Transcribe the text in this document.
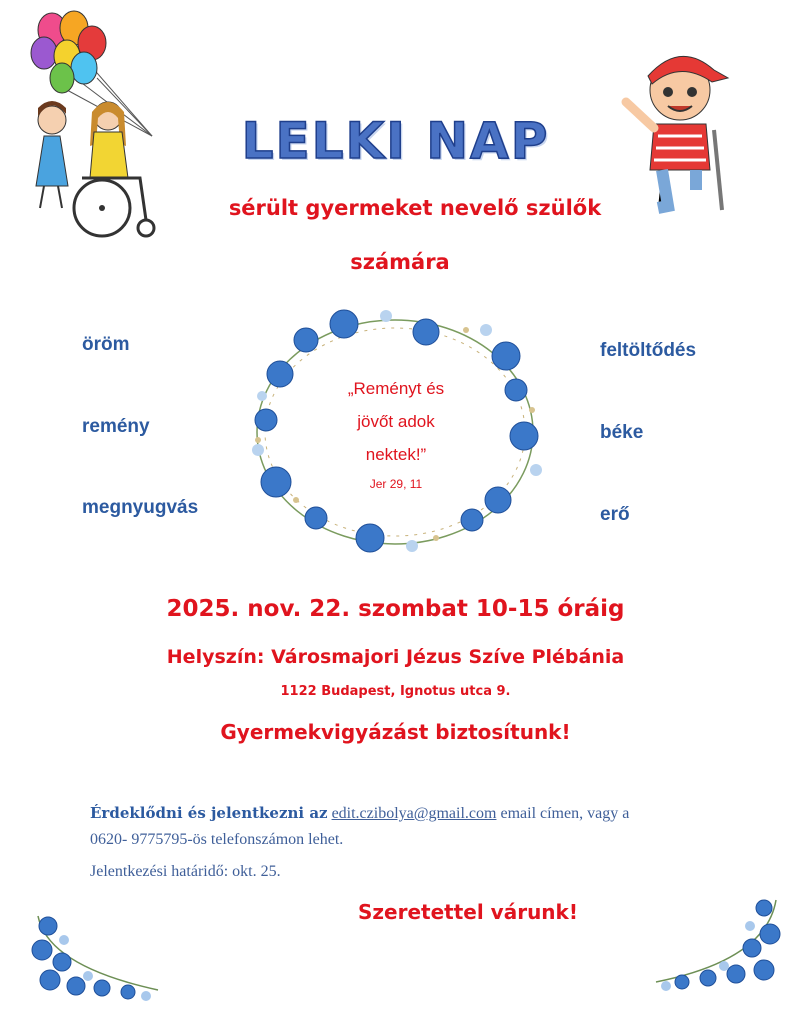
LELKI NAP
sérült gyermeket nevelő szülők
számára
öröm
remény
megnyugvás
feltöltődés
béke
erő
„Reményt és
jövőt adok
nektek!”
Jer 29, 11
2025. nov. 22. szombat 10-15 óráig
Helyszín: Városmajori Jézus Szíve Plébánia
1122 Budapest, Ignotus utca 9.
Gyermekvigyázást biztosítunk!
Érdeklődni és jelentkezni az edit.czibolya@gmail.com email címen, vagy a
0620- 9775795-ös telefonszámon lehet.
Jelentkezési határidő: okt. 25.
Szeretettel várunk!
